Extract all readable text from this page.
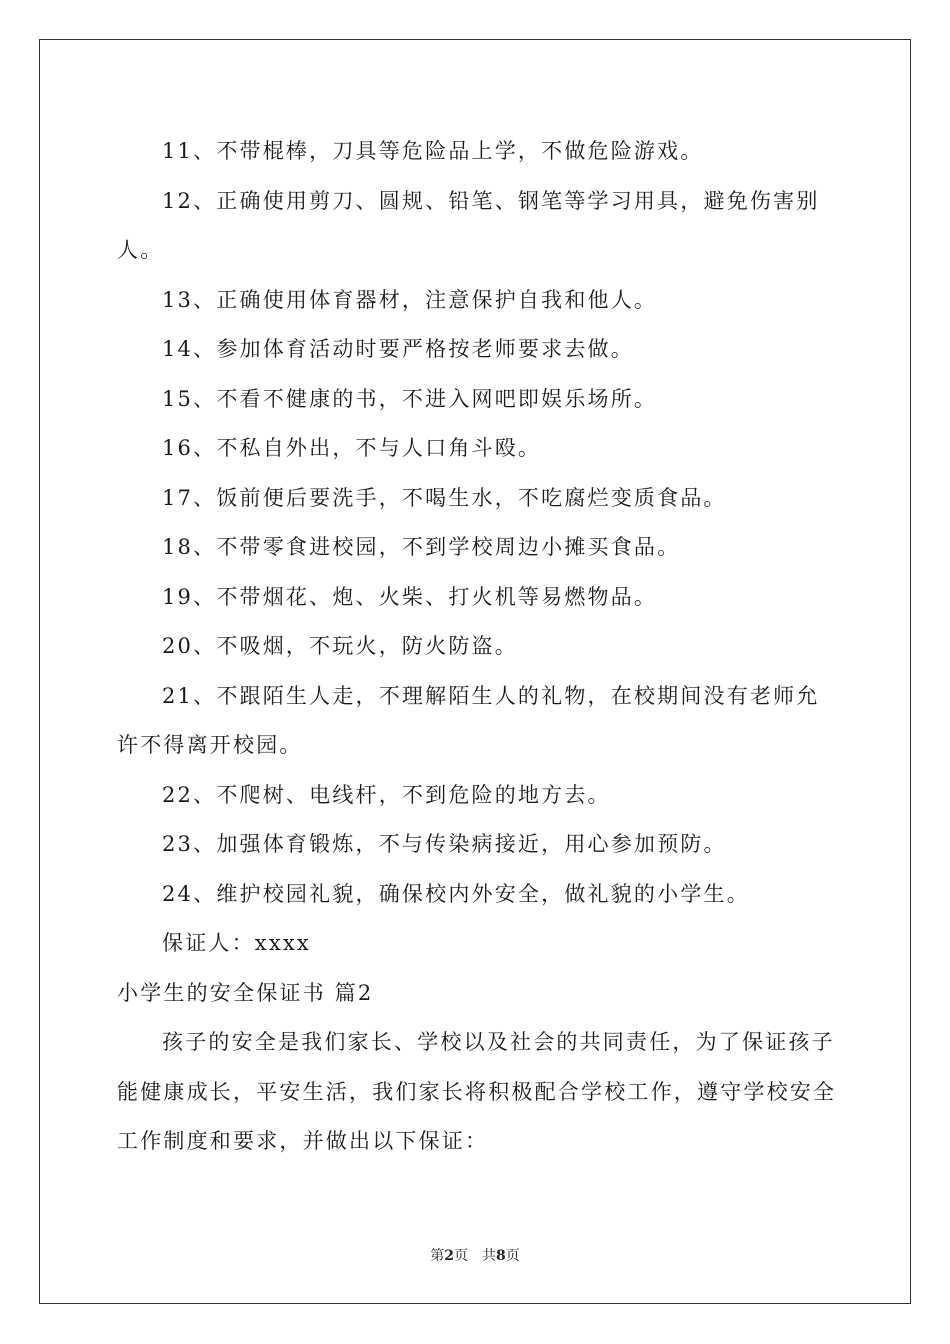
11、不带棍棒，刀具等危险品上学，不做危险游戏。

12、正确使用剪刀、圆规、铅笔、钢笔等学习用具，避免伤害别人。

13、正确使用体育器材，注意保护自我和他人。

14、参加体育活动时要严格按老师要求去做。

15、不看不健康的书，不进入网吧即娱乐场所。

16、不私自外出，不与人口角斗殴。

17、饭前便后要洗手，不喝生水，不吃腐烂变质食品。

18、不带零食进校园，不到学校周边小摊买食品。

19、不带烟花、炮、火柴、打火机等易燃物品。

20、不吸烟，不玩火，防火防盗。

21、不跟陌生人走，不理解陌生人的礼物，在校期间没有老师允许不得离开校园。

22、不爬树、电线杆，不到危险的地方去。

23、加强体育锻炼，不与传染病接近，用心参加预防。

24、维护校园礼貌，确保校内外安全，做礼貌的小学生。

保证人：xxxx

小学生的安全保证书 篇2

孩子的安全是我们家长、学校以及社会的共同责任，为了保证孩子能健康成长，平安生活，我们家长将积极配合学校工作，遵守学校安全工作制度和要求，并做出以下保证：

第2页　共8页
